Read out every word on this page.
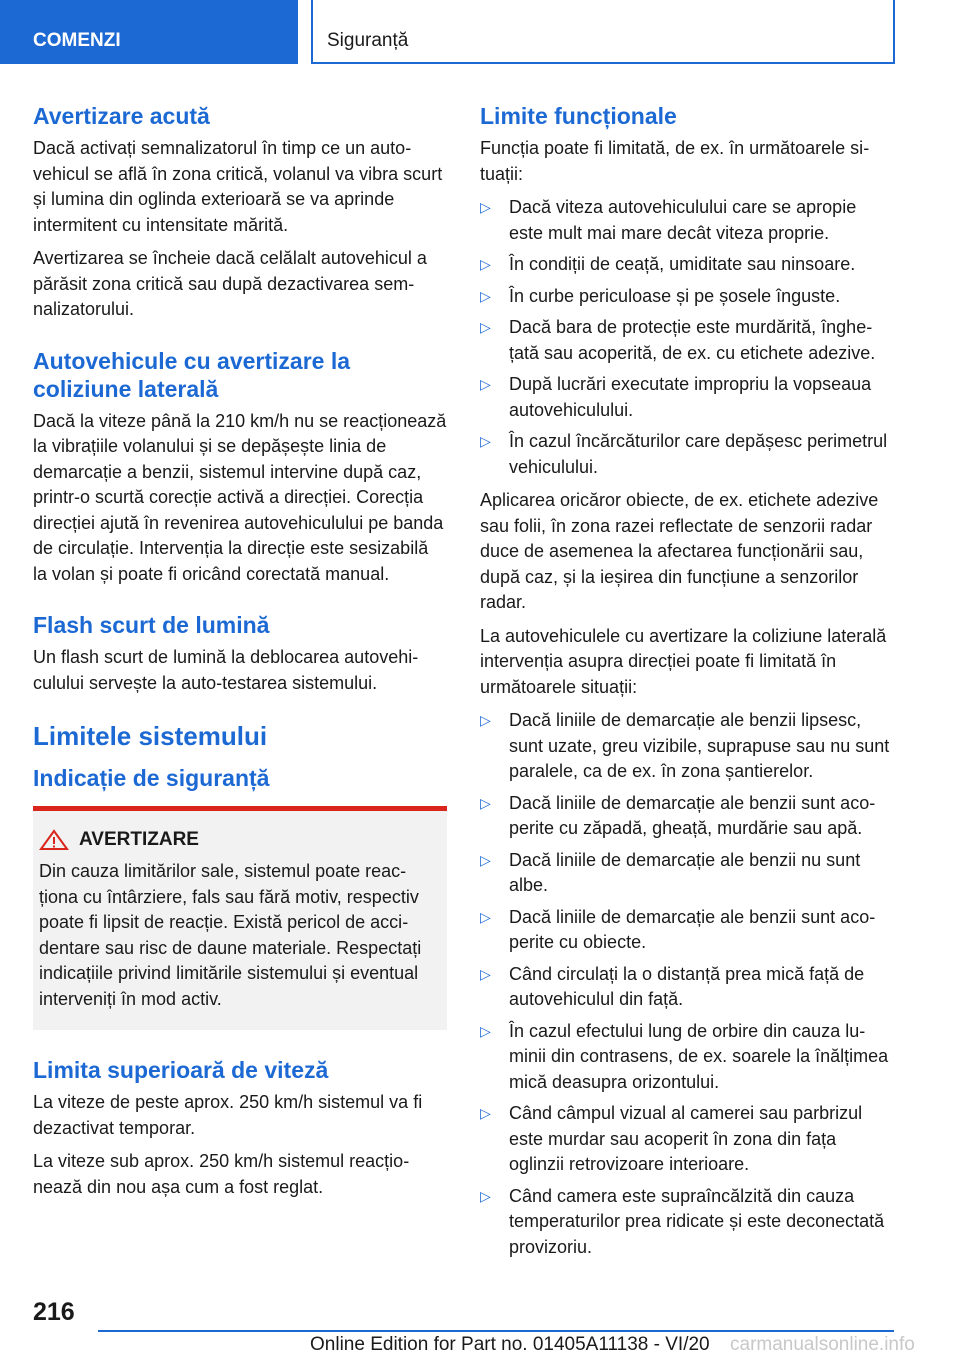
COMENZI	Siguranță
Avertizare acută

Dacă activați semnalizatorul în timp ce un autovehicul se află în zona critică, volanul va vibra scurt și lumina din oglinda exterioară se va aprinde intermitent cu intensitate mărită.

Avertizarea se încheie dacă celălalt autovehicul a părăsit zona critică sau după dezactivarea semnalizatorului.

Autovehicule cu avertizare la coliziune laterală

Dacă la viteze până la 210 km/h nu se reacționează la vibrațiile volanului și se depășește linia de demarcație a benzii, sistemul intervine după caz, printr-o scurtă corecție activă a direcției. Corecția direcției ajută în revenirea autovehiculului pe banda de circulație. Intervenția la direcție este sesizabilă la volan și poate fi oricând corectată manual.

Flash scurt de lumină

Un flash scurt de lumină la deblocarea autovehiculului servește la auto-testarea sistemului.

Limitele sistemului
Indicație de siguranță
AVERTIZARE

Din cauza limitărilor sale, sistemul poate reacționa cu întârziere, fals sau fără motiv, respectiv poate fi lipsit de reacție. Există pericol de accidentare sau risc de daune materiale. Respectați indicațiile privind limitările sistemului și eventual interveniți în mod activ.

Limita superioară de viteză

La viteze de peste aprox. 250 km/h sistemul va fi dezactivat temporar.

La viteze sub aprox. 250 km/h sistemul reacționează din nou așa cum a fost reglat.

Limite funcționale

Funcția poate fi limitată, de ex. în următoarele situații:

▷ Dacă viteza autovehiculului care se apropie este mult mai mare decât viteza proprie.
▷ În condiții de ceață, umiditate sau ninsoare.
▷ În curbe periculoase și pe șosele înguste.
▷ Dacă bara de protecție este murdărită, înghețată sau acoperită, de ex. cu etichete adezive.
▷ După lucrări executate impropriu la vopseaua autovehiculului.
▷ În cazul încărcăturilor care depășesc perimetrul vehiculului.

Aplicarea oricăror obiecte, de ex. etichete adezive sau folii, în zona razei reflectate de senzorii radar duce de asemenea la afectarea funcționării sau, după caz, și la ieșirea din funcțiune a senzorilor radar.

La autovehiculele cu avertizare la coliziune laterală intervenția asupra direcției poate fi limitată în următoarele situații:

▷ Dacă liniile de demarcație ale benzii lipsesc, sunt uzate, greu vizibile, suprapuse sau nu sunt paralele, ca de ex. în zona șantierelor.
▷ Dacă liniile de demarcație ale benzii sunt acoperite cu zăpadă, gheață, murdărie sau apă.
▷ Dacă liniile de demarcație ale benzii nu sunt albe.
▷ Dacă liniile de demarcație ale benzii sunt acoperite cu obiecte.
▷ Când circulați la o distanță prea mică față de autovehiculul din față.
▷ În cazul efectului lung de orbire din cauza luminii din contrasens, de ex. soarele la înălțimea mică deasupra orizontului.
▷ Când câmpul vizual al camerei sau parbrizul este murdar sau acoperit în zona din fața oglinzii retrovizoare interioare.
▷ Când camera este supraîncălzită din cauza temperaturilor prea ridicate și este deconectată provizoriu.
216
Online Edition for Part no. 01405A11138 - VI/20 carmanualsonline.info
